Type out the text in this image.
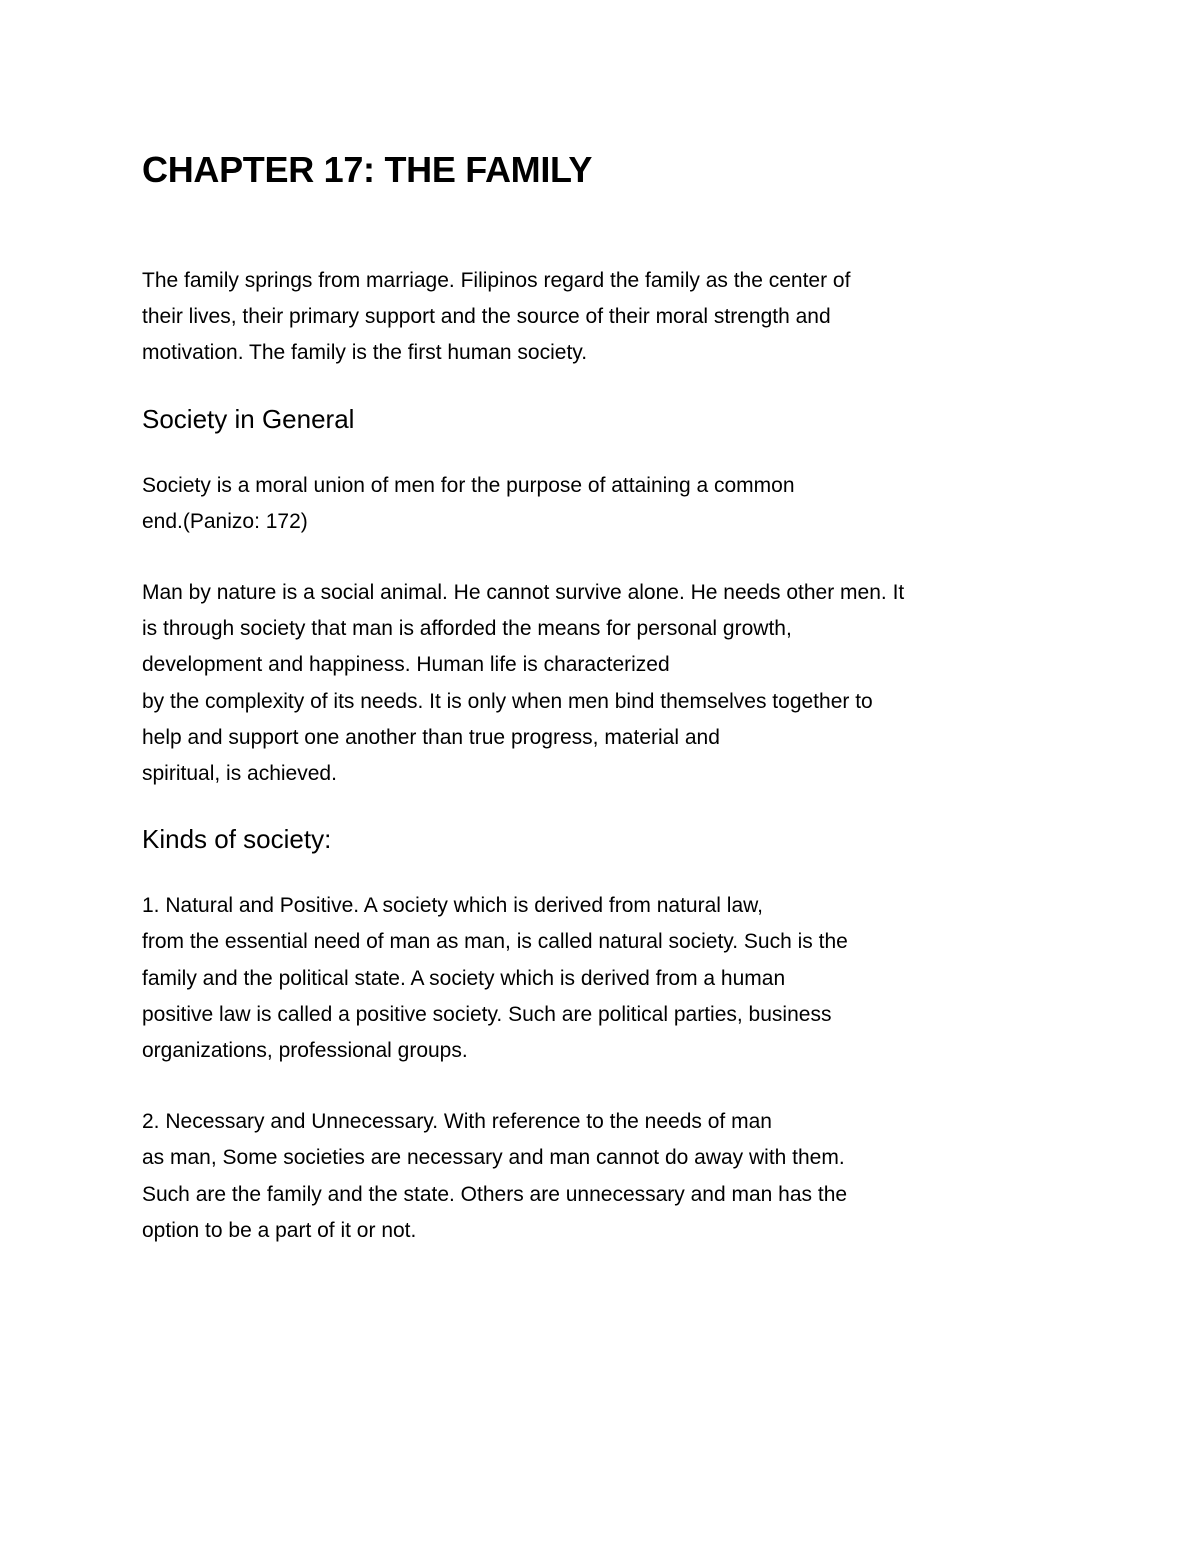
CHAPTER 17: THE FAMILY

The family springs from marriage. Filipinos regard the family as the center of
their lives, their primary support and the source of their moral strength and
motivation. The family is the first human society.

Society in General

Society is a moral union of men for the purpose of attaining a common
end.(Panizo: 172)

Man by nature is a social animal. He cannot survive alone. He needs other men. It
is through society that man is afforded the means for personal growth,
development and happiness. Human life is characterized
by the complexity of its needs. It is only when men bind themselves together to
help and support one another than true progress, material and
spiritual, is achieved.

Kinds of society:

1. Natural and Positive. A society which is derived from natural law,
from the essential need of man as man, is called natural society. Such is the
family and the political state. A society which is derived from a human
positive law is called a positive society. Such are political parties, business
organizations, professional groups.

2. Necessary and Unnecessary. With reference to the needs of man
as man, Some societies are necessary and man cannot do away with them.
Such are the family and the state. Others are unnecessary and man has the
option to be a part of it or not.
